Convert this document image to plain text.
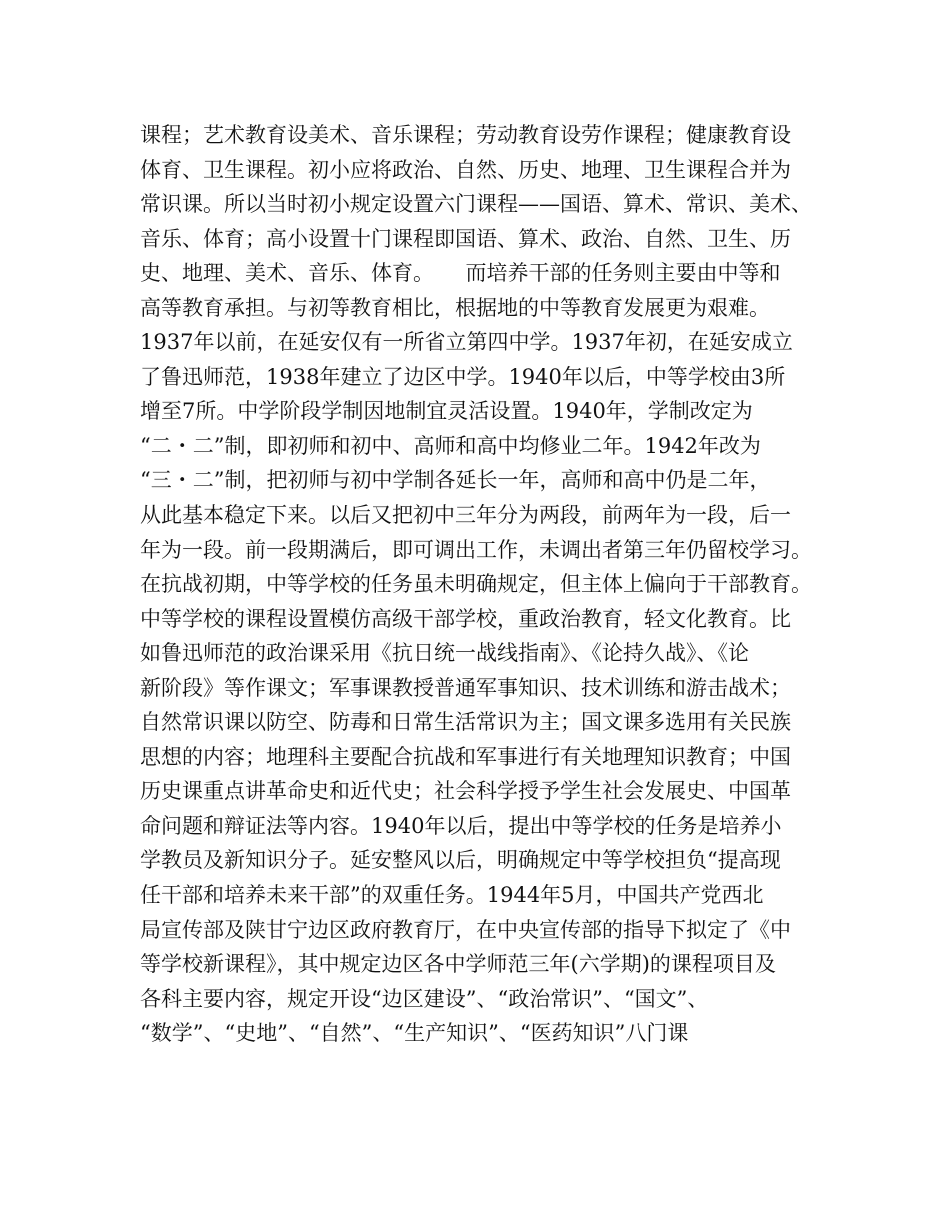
课程；艺术教育设美术、音乐课程；劳动教育设劳作课程；健康教育设
体育、卫生课程。初小应将政治、自然、历史、地理、卫生课程合并为
常识课。所以当时初小规定设置六门课程——国语、算术、常识、美术、
音乐、体育；高小设置十门课程即国语、算术、政治、自然、卫生、历
史、地理、美术、音乐、体育。　　而培养干部的任务则主要由中等和
高等教育承担。与初等教育相比，根据地的中等教育发展更为艰难。
1937年以前，在延安仅有一所省立第四中学。1937年初，在延安成立
了鲁迅师范，1938年建立了边区中学。1940年以后，中等学校由3所
增至7所。中学阶段学制因地制宜灵活设置。1940年，学制改定为
“二・二”制，即初师和初中、高师和高中均修业二年。1942年改为
“三・二”制，把初师与初中学制各延长一年，高师和高中仍是二年，
从此基本稳定下来。以后又把初中三年分为两段，前两年为一段，后一
年为一段。前一段期满后，即可调出工作，未调出者第三年仍留校学习。
在抗战初期，中等学校的任务虽未明确规定，但主体上偏向于干部教育。
中等学校的课程设置模仿高级干部学校，重政治教育，轻文化教育。比
如鲁迅师范的政治课采用《抗日统一战线指南》、《论持久战》、《论
新阶段》等作课文；军事课教授普通军事知识、技术训练和游击战术；
自然常识课以防空、防毒和日常生活常识为主；国文课多选用有关民族
思想的内容；地理科主要配合抗战和军事进行有关地理知识教育；中国
历史课重点讲革命史和近代史；社会科学授予学生社会发展史、中国革
命问题和辩证法等内容。1940年以后，提出中等学校的任务是培养小
学教员及新知识分子。延安整风以后，明确规定中等学校担负“提高现
任干部和培养未来干部”的双重任务。1944年5月，中国共产党西北
局宣传部及陕甘宁边区政府教育厅，在中央宣传部的指导下拟定了《中
等学校新课程》，其中规定边区各中学师范三年(六学期)的课程项目及
各科主要内容，规定开设“边区建设”、“政治常识”、“国文”、
“数学”、“史地”、“自然”、“生产知识”、“医药知识”八门课
